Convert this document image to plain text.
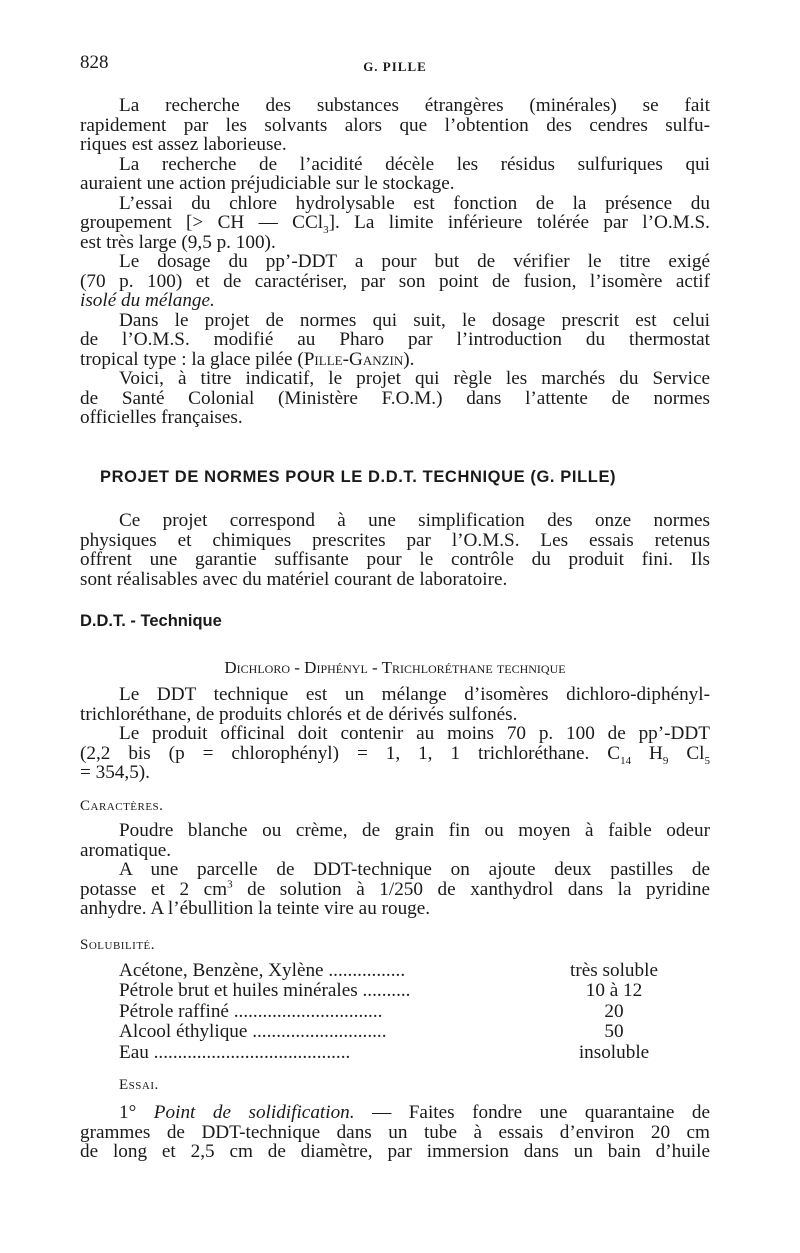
828	G. PILLE
La recherche des substances étrangères (minérales) se fait
rapidement par les solvants alors que l’obtention des cendres sulfu-
riques est assez laborieuse.
La recherche de l’acidité décèle les résidus sulfuriques qui
auraient une action préjudiciable sur le stockage.
L’essai du chlore hydrolysable est fonction de la présence du
groupement [> CH — CCl$_3$]. La limite inférieure tolérée par l’O.M.S.
est très large (9,5 p. 100).
Le dosage du pp’-DDT a pour but de vérifier le titre exigé
(70 p. 100) et de caractériser, par son point de fusion, l’isomère actif
isolé du mélange.
Dans le projet de normes qui suit, le dosage prescrit est celui
de l’O.M.S. modifié au Pharo par l’introduction du thermostat
tropical type : la glace pilée (Pille-Ganzin).
Voici, à titre indicatif, le projet qui règle les marchés du Service
de Santé Colonial (Ministère F.O.M.) dans l’attente de normes
officielles françaises.
PROJET DE NORMES POUR LE D.D.T. TECHNIQUE (G. PILLE)
Ce projet correspond à une simplification des onze normes
physiques et chimiques prescrites par l’O.M.S. Les essais retenus
offrent une garantie suffisante pour le contrôle du produit fini. Ils
sont réalisables avec du matériel courant de laboratoire.
D.D.T. - Technique
Dichloro - Diphényl - Trichloréthane technique
Le DDT technique est un mélange d’isomères dichloro-diphényl-
trichloréthane, de produits chlorés et de dérivés sulfonés.
Le produit officinal doit contenir au moins 70 p. 100 de pp’-DDT
(2,2 bis (p = chlorophényl) = 1, 1, 1 trichloréthane. $C_{14}$ $H_9$ $Cl_5$
= 354,5).
Caractères.
Poudre blanche ou crème, de grain fin ou moyen à faible odeur
aromatique.
A une parcelle de DDT-technique on ajoute deux pastilles de
potasse et 2 $cm^3$ de solution à 1/250 de xanthydrol dans la pyridine
anhydre. A l’ébullition la teinte vire au rouge.
Solubilité.
Acétone, Benzène, Xylène ................	très soluble
Pétrole brut et huiles minérales ..........	10 à 12
Pétrole raffiné ...............................	20
Alcool éthylique ............................	50
Eau .........................................	insoluble
Essai.
1° Point de solidification. — Faites fondre une quarantaine de
grammes de DDT-technique dans un tube à essais d’environ 20 cm
de long et 2,5 cm de diamètre, par immersion dans un bain d’huile
